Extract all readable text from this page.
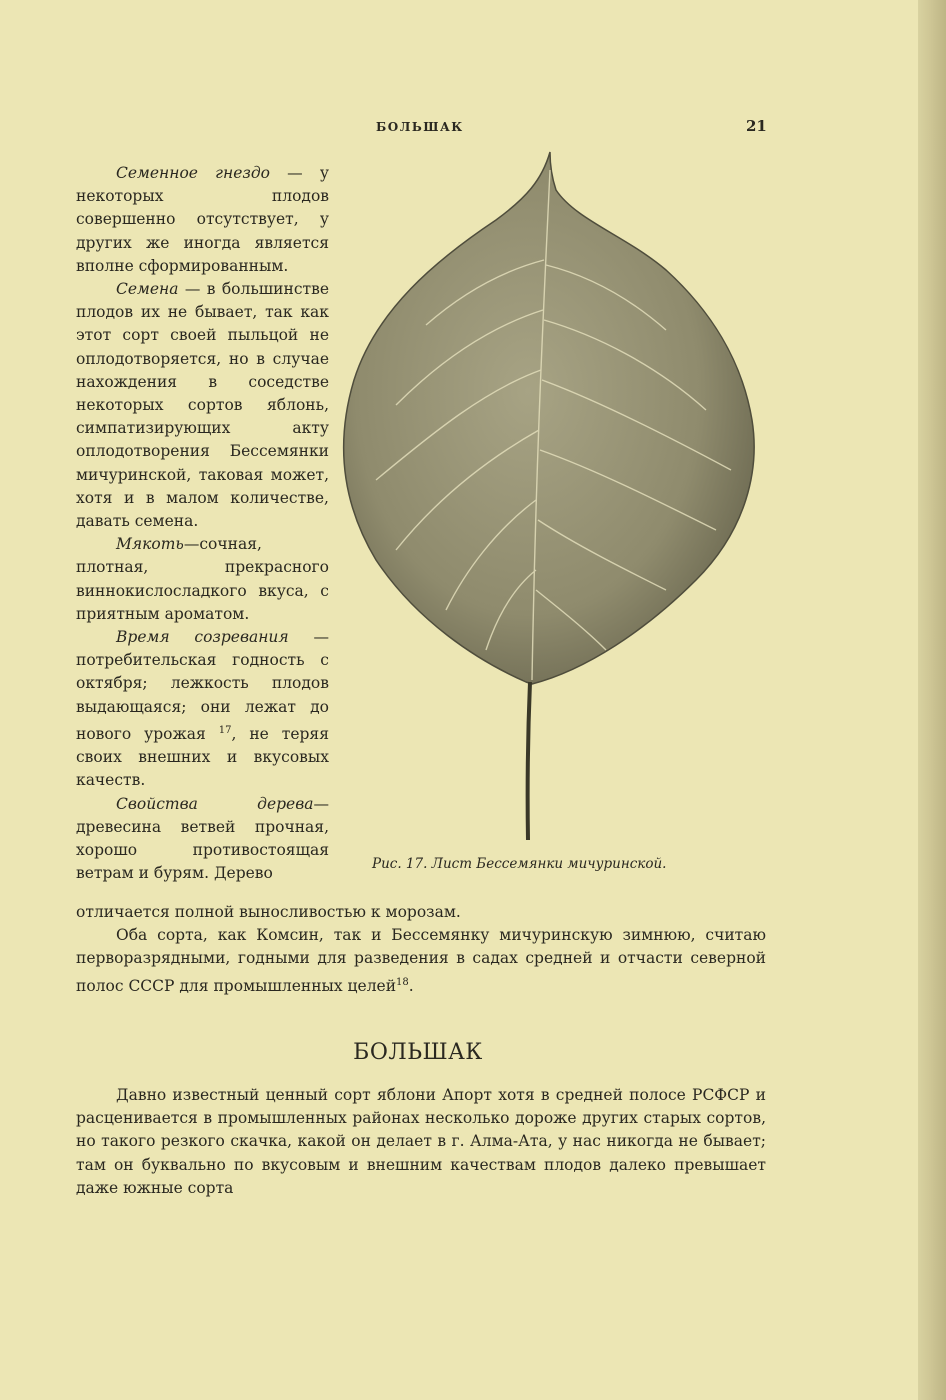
БОЛЬШАК	21

Семенное гнездо — у некоторых плодов совершенно отсутствует, у других же иногда является вполне сформированным.

Семена — в большинстве плодов их не бывает, так как этот сорт своей пыльцой не оплодотворяется, но в случае нахождения в соседстве некоторых сортов яблонь, симпатизирующих акту оплодотворения Бессемянки мичуринской, таковая может, хотя и в малом количестве, давать семена.

Мякоть—сочная, плотная, прекрасного виннокислосладкого вкуса, с приятным ароматом.

Время созревания — потребительская годность с октября; лежкость плодов выдающаяся; они лежат до нового урожая $^{17}$, не теряя своих внешних и вкусовых качеств.

Свойства дерева— древесина ветвей прочная, хорошо противостоящая ветрам и бурям. Дерево

Рис. 17. Лист Бессемянки мичуринской.

отличается полной выносливостью к морозам.

Оба сорта, как Комсин, так и Бессемянку мичуринскую зимнюю, считаю перворазрядными, годными для разведения в садах средней и отчасти северной полос СССР для промышленных целей$^{18}$.

БОЛЬШАК

Давно известный ценный сорт яблони Апорт хотя в средней полосе РСФСР и расценивается в промышленных районах несколько дороже других старых сортов, но такого резкого скачка, какой он делает в г. Алма-Ата, у нас никогда не бывает; там он буквально по вкусовым и внешним качествам плодов далеко превышает даже южные сорта
